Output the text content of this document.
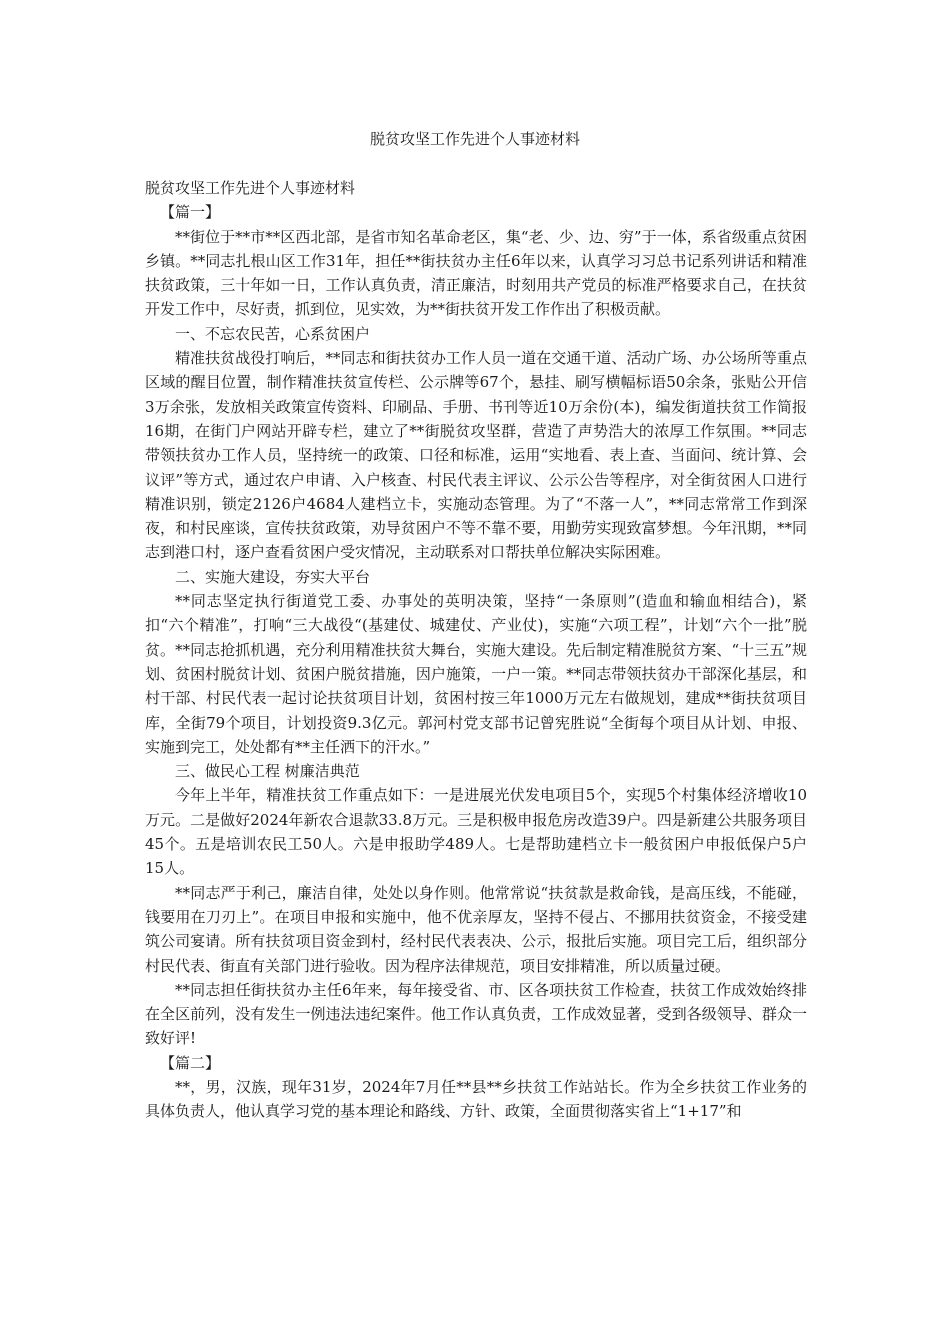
脱贫攻坚工作先进个人事迹材料

脱贫攻坚工作先进个人事迹材料

【篇一】

**街位于**市**区西北部，是省市知名革命老区，集“老、少、边、穷”于一体，系省级重点贫困乡镇。**同志扎根山区工作31年，担任**街扶贫办主任6年以来，认真学习习总书记系列讲话和精准扶贫政策，三十年如一日，工作认真负责，清正廉洁，时刻用共产党员的标准严格要求自己，在扶贫开发工作中，尽好责，抓到位，见实效，为**街扶贫开发工作作出了积极贡献。

一、不忘农民苦，心系贫困户

精准扶贫战役打响后，**同志和街扶贫办工作人员一道在交通干道、活动广场、办公场所等重点区域的醒目位置，制作精准扶贫宣传栏、公示牌等67个，悬挂、刷写横幅标语50余条，张贴公开信3万余张，发放相关政策宣传资料、印刷品、手册、书刊等近10万余份(本)，编发街道扶贫工作简报16期，在街门户网站开辟专栏，建立了**街脱贫攻坚群，营造了声势浩大的浓厚工作氛围。**同志带领扶贫办工作人员，坚持统一的政策、口径和标准，运用“实地看、表上查、当面问、统计算、会议评”等方式，通过农户申请、入户核查、村民代表主评议、公示公告等程序，对全街贫困人口进行精准识别，锁定2126户4684人建档立卡，实施动态管理。为了“不落一人”，**同志常常工作到深夜，和村民座谈，宣传扶贫政策，劝导贫困户不等不靠不要，用勤劳实现致富梦想。今年汛期，**同志到港口村，逐户查看贫困户受灾情况，主动联系对口帮扶单位解决实际困难。

二、实施大建设，夯实大平台

**同志坚定执行街道党工委、办事处的英明决策，坚持“一条原则”(造血和输血相结合)，紧扣“六个精准”，打响“三大战役“(基建仗、城建仗、产业仗)，实施“六项工程”，计划“六个一批”脱贫。**同志抢抓机遇，充分利用精准扶贫大舞台，实施大建设。先后制定精准脱贫方案、“十三五”规划、贫困村脱贫计划、贫困户脱贫措施，因户施策，一户一策。**同志带领扶贫办干部深化基层，和村干部、村民代表一起讨论扶贫项目计划，贫困村按三年1000万元左右做规划，建成**街扶贫项目库，全街79个项目，计划投资9.3亿元。郭河村党支部书记曾宪胜说“全街每个项目从计划、申报、实施到完工，处处都有**主任洒下的汗水。”

三、做民心工程 树廉洁典范

今年上半年，精准扶贫工作重点如下：一是进展光伏发电项目5个，实现5个村集体经济增收10万元。二是做好2024年新农合退款33.8万元。三是积极申报危房改造39户。四是新建公共服务项目45个。五是培训农民工50人。六是申报助学489人。七是帮助建档立卡一般贫困户申报低保户5户15人。

**同志严于利己，廉洁自律，处处以身作则。他常常说“扶贫款是救命钱，是高压线，不能碰，钱要用在刀刃上”。在项目申报和实施中，他不优亲厚友，坚持不侵占、不挪用扶贫资金，不接受建筑公司宴请。所有扶贫项目资金到村，经村民代表表决、公示，报批后实施。项目完工后，组织部分村民代表、街直有关部门进行验收。因为程序法律规范，项目安排精准，所以质量过硬。

**同志担任街扶贫办主任6年来，每年接受省、市、区各项扶贫工作检查，扶贫工作成效始终排在全区前列，没有发生一例违法违纪案件。他工作认真负责，工作成效显著，受到各级领导、群众一致好评!

【篇二】

**，男，汉族，现年31岁，2024年7月任**县**乡扶贫工作站站长。作为全乡扶贫工作业务的具体负责人，他认真学习党的基本理论和路线、方针、政策，全面贯彻落实省上“1+17”和
